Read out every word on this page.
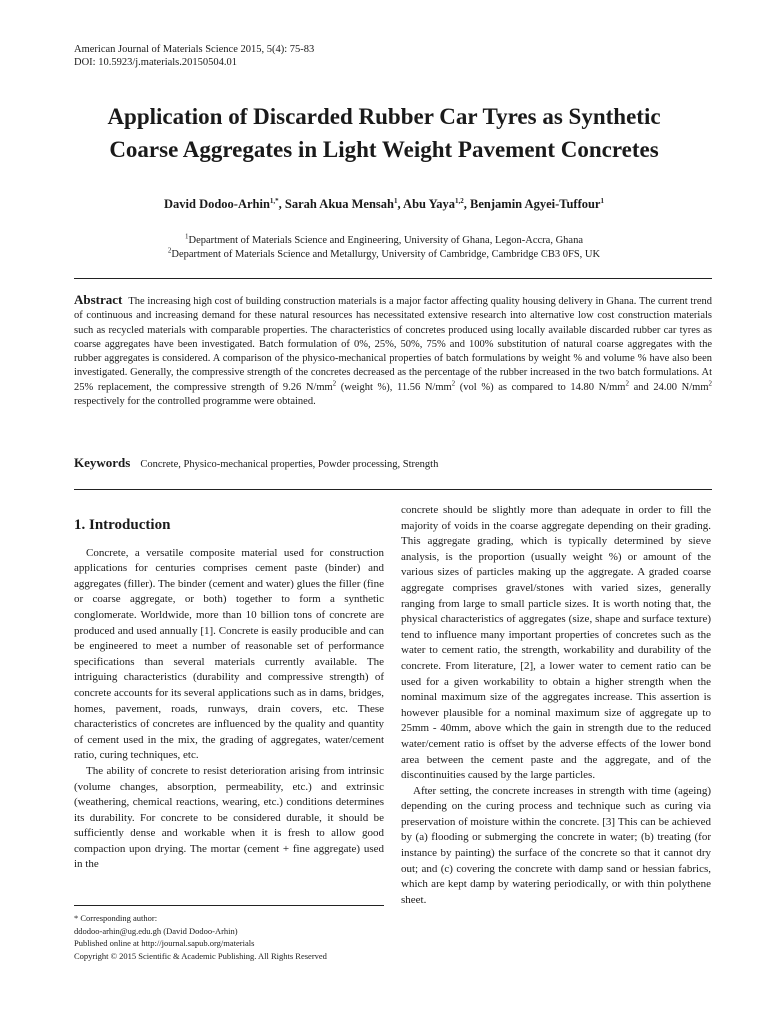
American Journal of Materials Science 2015, 5(4): 75-83
DOI: 10.5923/j.materials.20150504.01
Application of Discarded Rubber Car Tyres as Synthetic
Coarse Aggregates in Light Weight Pavement Concretes
David Dodoo-Arhin$^{1,*}$, Sarah Akua Mensah$^1$, Abu Yaya$^{1,2}$, Benjamin Agyei-Tuffour$^1$
$^1$Department of Materials Science and Engineering, University of Ghana, Legon-Accra, Ghana
$^2$Department of Materials Science and Metallurgy, University of Cambridge, Cambridge CB3 0FS, UK

Abstract The increasing high cost of building construction materials is a major factor affecting quality housing delivery in Ghana. The current trend of continuous and increasing demand for these natural resources has necessitated extensive research into alternative low cost construction materials such as recycled materials with comparable properties. The characteristics of concretes produced using locally available discarded rubber car tyres as coarse aggregates have been investigated. Batch formulation of 0%, 25%, 50%, 75% and 100% substitution of natural coarse aggregates with the rubber aggregates is considered. A comparison of the physico-mechanical properties of batch formulations by weight % and volume % have also been investigated. Generally, the compressive strength of the concretes decreased as the percentage of the rubber increased in the two batch formulations. At 25% replacement, the compressive strength of 9.26 $N/mm^2$ (weight %), 11.56 $N/mm^2$ (vol %) as compared to 14.80 $N/mm^2$ and 24.00 $N/mm^2$ respectively for the controlled programme were obtained.

Keywords Concrete, Physico-mechanical properties, Powder processing, Strength

1. Introduction

Concrete, a versatile composite material used for construction applications for centuries comprises cement paste (binder) and aggregates (filler). The binder (cement and water) glues the filler (fine or coarse aggregate, or both) together to form a synthetic conglomerate. Worldwide, more than 10 billion tons of concrete are produced and used annually [1]. Concrete is easily producible and can be engineered to meet a number of reasonable set of performance specifications than several materials currently available. The intriguing characteristics (durability and compressive strength) of concrete accounts for its several applications such as in dams, bridges, homes, pavement, roads, runways, drain covers, etc. These characteristics of concretes are influenced by the quality and quantity of cement used in the mix, the grading of aggregates, water/cement ratio, curing techniques, etc.

The ability of concrete to resist deterioration arising from intrinsic (volume changes, absorption, permeability, etc.) and extrinsic (weathering, chemical reactions, wearing, etc.) conditions determines its durability. For concrete to be considered durable, it should be sufficiently dense and workable when it is fresh to allow good compaction upon drying. The mortar (cement + fine aggregate) used in the

concrete should be slightly more than adequate in order to fill the majority of voids in the coarse aggregate depending on their grading. This aggregate grading, which is typically determined by sieve analysis, is the proportion (usually weight %) or amount of the various sizes of particles making up the aggregate. A graded coarse aggregate comprises gravel/stones with varied sizes, generally ranging from large to small particle sizes. It is worth noting that, the physical characteristics of aggregates (size, shape and surface texture) tend to influence many important properties of concretes such as the water to cement ratio, the strength, workability and durability of the concrete. From literature, [2], a lower water to cement ratio can be used for a given workability to obtain a higher strength when the nominal maximum size of the aggregates increase. This assertion is however plausible for a nominal maximum size of aggregate up to 25mm - 40mm, above which the gain in strength due to the reduced water/cement ratio is offset by the adverse effects of the lower bond area between the cement paste and the aggregate, and of the discontinuities caused by the large particles.

After setting, the concrete increases in strength with time (ageing) depending on the curing process and technique such as curing via preservation of moisture within the concrete. [3] This can be achieved by (a) flooding or submerging the concrete in water; (b) treating (for instance by painting) the surface of the concrete so that it cannot dry out; and (c) covering the concrete with damp sand or hessian fabrics, which are kept damp by watering periodically, or with thin polythene sheet.

* Corresponding author:
ddodoo-arhin@ug.edu.gh (David Dodoo-Arhin)
Published online at http://journal.sapub.org/materials
Copyright © 2015 Scientific & Academic Publishing. All Rights Reserved
